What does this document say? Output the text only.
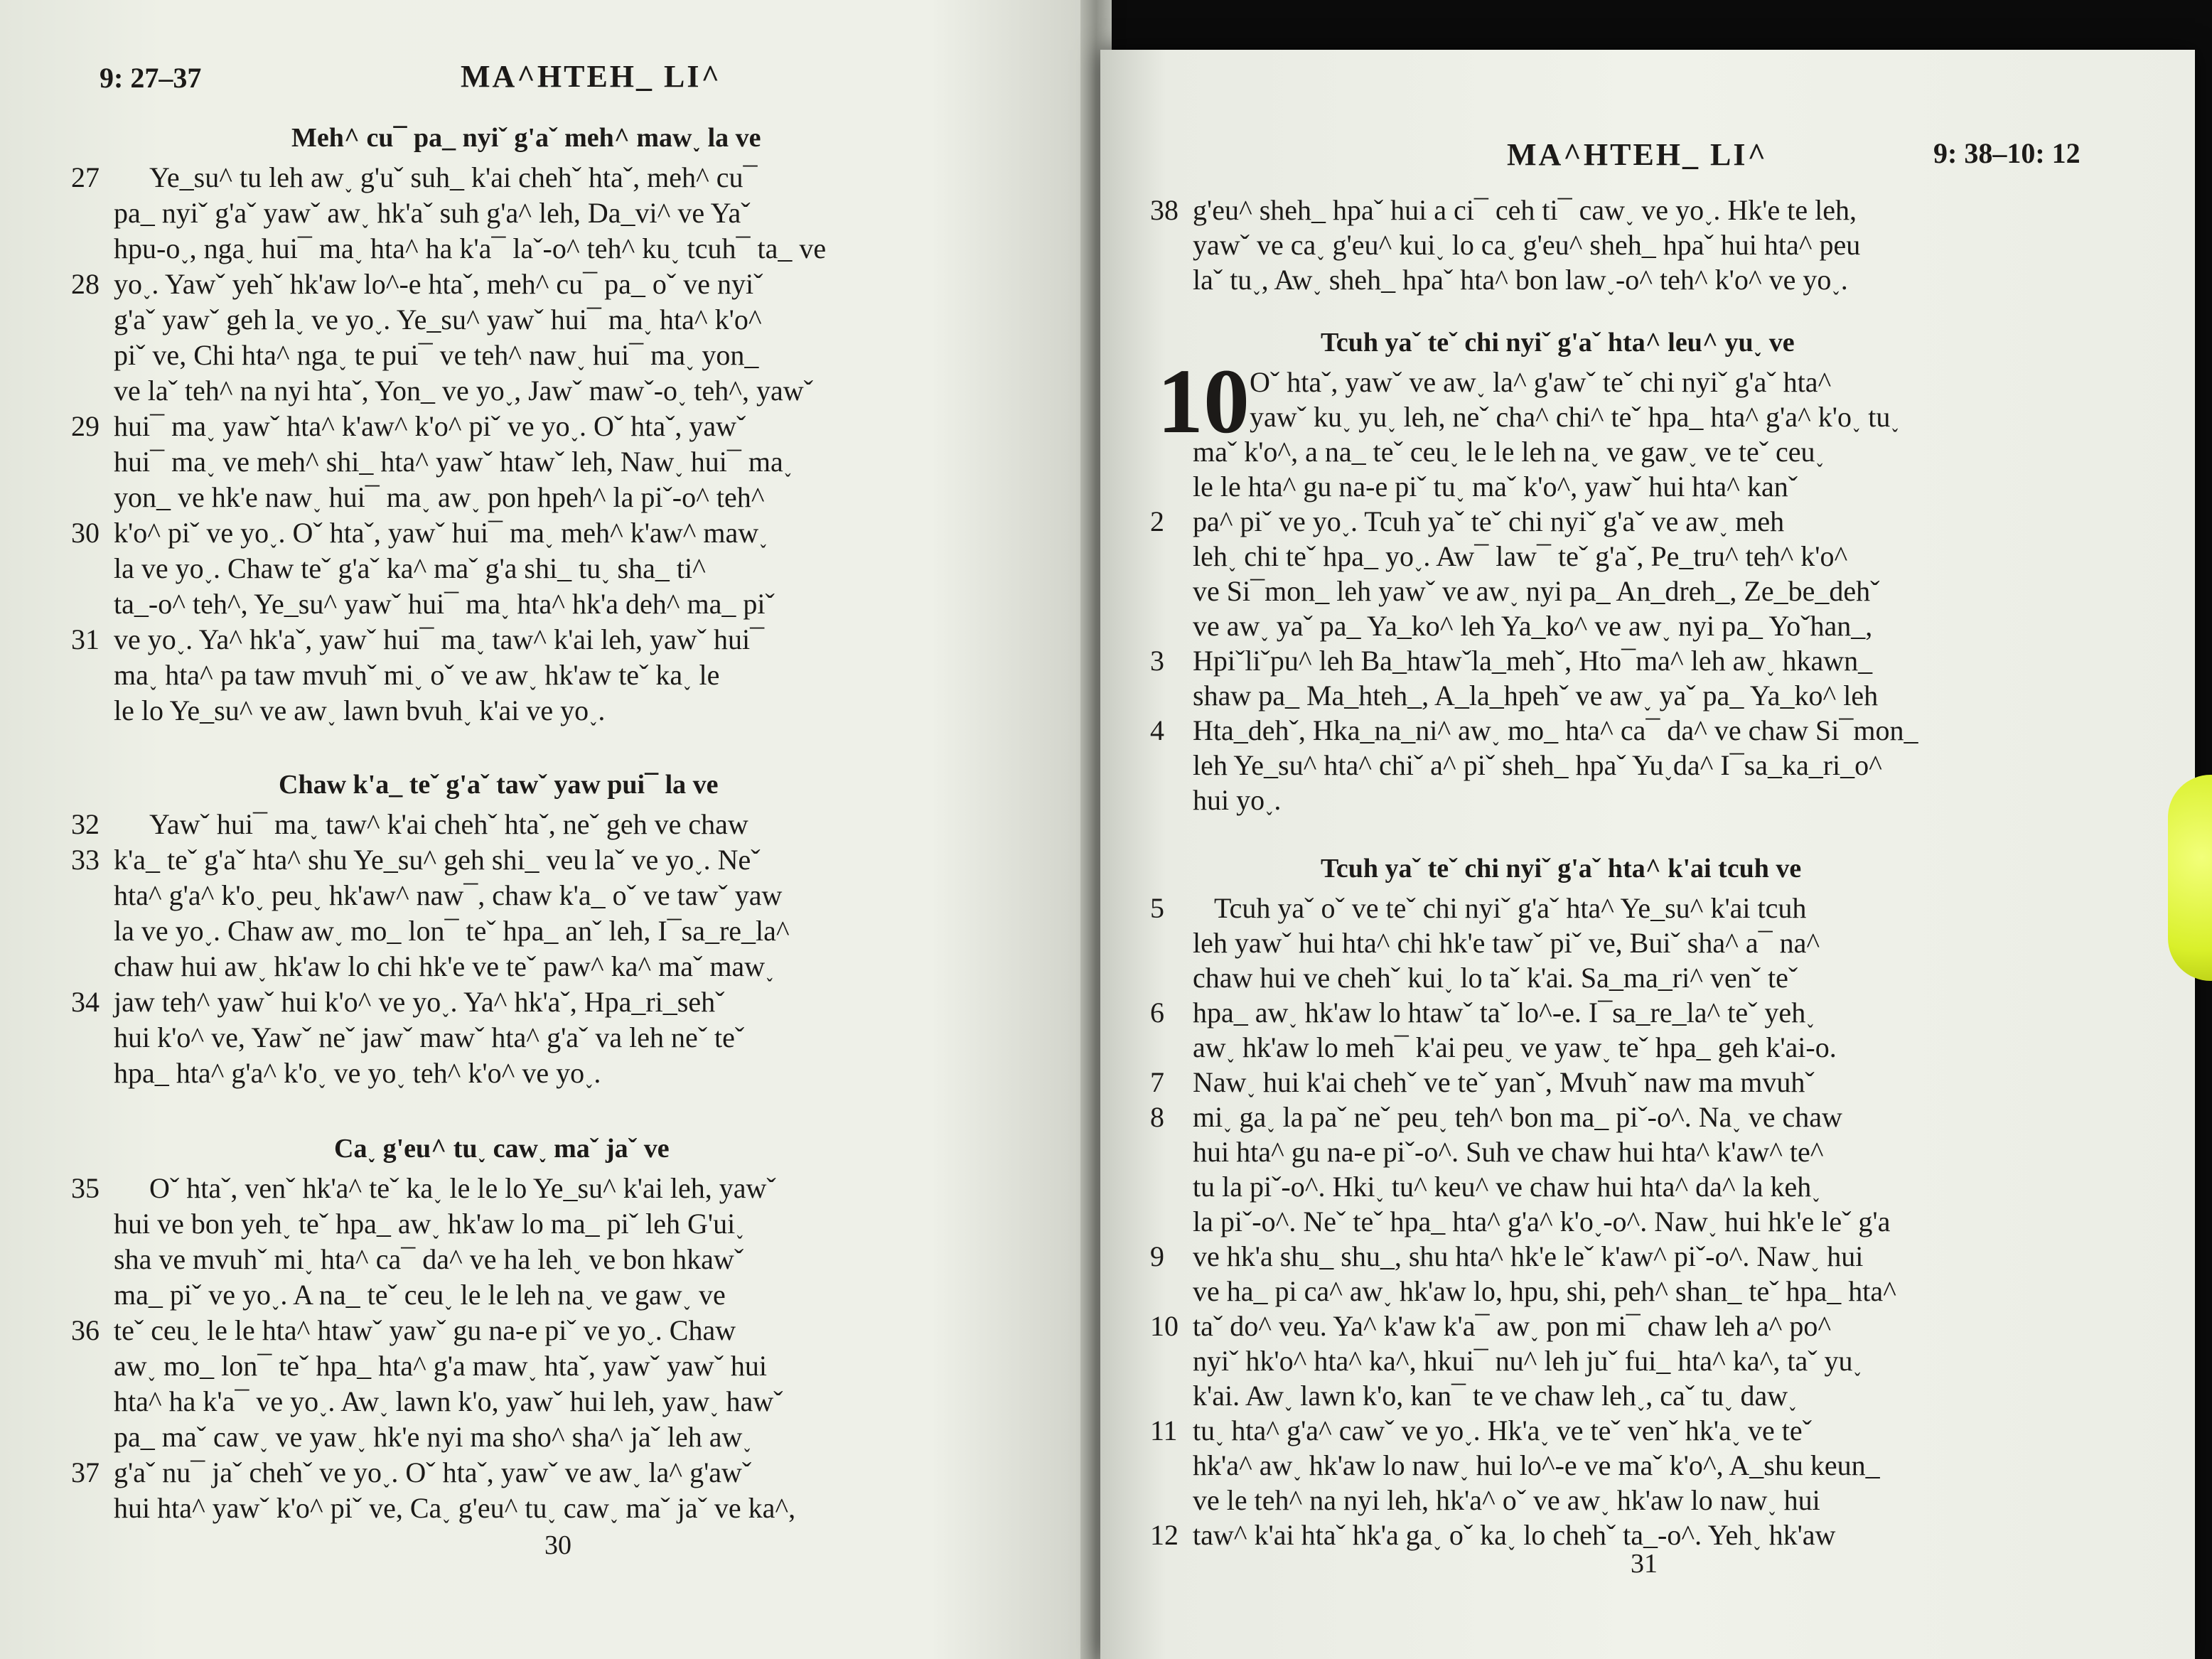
9: 27–37	MA^HTEH_ LI^
Meh^ cu¯ pa_ nyiˇ g'aˇ meh^ maw˯ la ve
27 Ye_su^ tu leh aw˯ g'uˇ suh_ k'ai chehˇ htaˇ, meh^ cu¯
pa_ nyiˇ g'aˇ yawˇ aw˯ hk'aˇ suh g'a^ leh, Da_vi^ ve Yaˇ
hpu-o˯, nga˯ hui¯ ma˯ hta^ ha k'a¯ laˇ-o^ teh^ ku˯ tcuh¯ ta_ ve
28 yo˯. Yawˇ yehˇ hk'aw lo^-e htaˇ, meh^ cu¯ pa_ oˇ ve nyiˇ
g'aˇ yawˇ geh la˯ ve yo˯. Ye_su^ yawˇ hui¯ ma˯ hta^ k'o^
piˇ ve, Chi hta^ nga˯ te pui¯ ve teh^ naw˯ hui¯ ma˯ yon_
ve laˇ teh^ na nyi htaˇ, Yon_ ve yo˯, Jawˇ mawˇ-o˯ teh^, yawˇ
29 hui¯ ma˯ yawˇ hta^ k'aw^ k'o^ piˇ ve yo˯. Oˇ htaˇ, yawˇ
hui¯ ma˯ ve meh^ shi_ hta^ yawˇ htawˇ leh, Naw˯ hui¯ ma˯
yon_ ve hk'e naw˯ hui¯ ma˯ aw˯ pon hpeh^ la piˇ-o^ teh^
30 k'o^ piˇ ve yo˯. Oˇ htaˇ, yawˇ hui¯ ma˯ meh^ k'aw^ maw˯
la ve yo˯. Chaw teˇ g'aˇ ka^ maˇ g'a shi_ tu˯ sha_ ti^
ta_-o^ teh^, Ye_su^ yawˇ hui¯ ma˯ hta^ hk'a deh^ ma_ piˇ
31 ve yo˯. Ya^ hk'aˇ, yawˇ hui¯ ma˯ taw^ k'ai leh, yawˇ hui¯
ma˯ hta^ pa taw mvuhˇ mi˯ oˇ ve aw˯ hk'aw teˇ ka˯ le
le lo Ye_su^ ve aw˯ lawn bvuh˯ k'ai ve yo˯.
Chaw k'a_ teˇ g'aˇ tawˇ yaw pui¯ la ve
32 Yawˇ hui¯ ma˯ taw^ k'ai chehˇ htaˇ, neˇ geh ve chaw
33 k'a_ teˇ g'aˇ hta^ shu Ye_su^ geh shi_ veu laˇ ve yo˯. Neˇ
hta^ g'a^ k'o˯ peu˯ hk'aw^ naw¯, chaw k'a_ oˇ ve tawˇ yaw
la ve yo˯. Chaw aw˯ mo_ lon¯ teˇ hpa_ anˇ leh, I¯sa_re_la^
chaw hui aw˯ hk'aw lo chi hk'e ve teˇ paw^ ka^ maˇ maw˯
34 jaw teh^ yawˇ hui k'o^ ve yo˯. Ya^ hk'aˇ, Hpa_ri_sehˇ
hui k'o^ ve, Yawˇ neˇ jawˇ mawˇ hta^ g'aˇ va leh neˇ teˇ
hpa_ hta^ g'a^ k'o˯ ve yo˯ teh^ k'o^ ve yo˯.
Ca˯ g'eu^ tu˯ caw˯ maˇ jaˇ ve
35 Oˇ htaˇ, venˇ hk'a^ teˇ ka˯ le le lo Ye_su^ k'ai leh, yawˇ
hui ve bon yeh˯ teˇ hpa_ aw˯ hk'aw lo ma_ piˇ leh G'ui˯
sha ve mvuhˇ mi˯ hta^ ca¯ da^ ve ha leh˯ ve bon hkawˇ
ma_ piˇ ve yo˯. A na_ teˇ ceu˯ le le leh na˯ ve gaw˯ ve
36 teˇ ceu˯ le le hta^ htawˇ yawˇ gu na-e piˇ ve yo˯. Chaw
aw˯ mo_ lon¯ teˇ hpa_ hta^ g'a maw˯ htaˇ, yawˇ yawˇ hui
hta^ ha k'a¯ ve yo˯. Aw˯ lawn k'o, yawˇ hui leh, yaw˯ hawˇ
pa_ maˇ caw˯ ve yaw˯ hk'e nyi ma sho^ sha^ jaˇ leh aw˯
37 g'aˇ nu¯ jaˇ chehˇ ve yo˯. Oˇ htaˇ, yawˇ ve aw˯ la^ g'awˇ
hui hta^ yawˇ k'o^ piˇ ve, Ca˯ g'eu^ tu˯ caw˯ maˇ jaˇ ve ka^,
30
MA^HTEH_ LI^	9: 38–10: 12
10
38 g'eu^ sheh_ hpaˇ hui a ci¯ ceh ti¯ caw˯ ve yo˯. Hk'e te leh,
yawˇ ve ca˯ g'eu^ kui˯ lo ca˯ g'eu^ sheh_ hpaˇ hui hta^ peu
laˇ tu˯, Aw˯ sheh_ hpaˇ hta^ bon law˯-o^ teh^ k'o^ ve yo˯.
Tcuh yaˇ teˇ chi nyiˇ g'aˇ hta^ leu^ yu˯ ve
Oˇ htaˇ, yawˇ ve aw˯ la^ g'awˇ teˇ chi nyiˇ g'aˇ hta^
yawˇ ku˯ yu˯ leh, neˇ cha^ chi^ teˇ hpa_ hta^ g'a^ k'o˯ tu˯
maˇ k'o^, a na_ teˇ ceu˯ le le leh na˯ ve gaw˯ ve teˇ ceu˯
le le hta^ gu na-e piˇ tu˯ maˇ k'o^, yawˇ hui hta^ kanˇ
2 pa^ piˇ ve yo˯. Tcuh yaˇ teˇ chi nyiˇ g'aˇ ve aw˯ meh
leh˯ chi teˇ hpa_ yo˯. Aw¯ law¯ teˇ g'aˇ, Pe_tru^ teh^ k'o^
ve Si¯mon_ leh yawˇ ve aw˯ nyi pa_ An_dreh_, Ze_be_dehˇ
ve aw˯ yaˇ pa_ Ya_ko^ leh Ya_ko^ ve aw˯ nyi pa_ Yoˇhan_,
3 Hpiˇliˇpu^ leh Ba_htawˇla_mehˇ, Hto¯ma^ leh aw˯ hkawn_
shaw pa_ Ma_hteh_, A_la_hpehˇ ve aw˯ yaˇ pa_ Ya_ko^ leh
4 Hta_dehˇ, Hka_na_ni^ aw˯ mo_ hta^ ca¯ da^ ve chaw Si¯mon_
leh Ye_su^ hta^ chiˇ a^ piˇ sheh_ hpaˇ Yu˯da^ I¯sa_ka_ri_o^
hui yo˯.
Tcuh yaˇ teˇ chi nyiˇ g'aˇ hta^ k'ai tcuh ve
5 Tcuh yaˇ oˇ ve teˇ chi nyiˇ g'aˇ hta^ Ye_su^ k'ai tcuh
leh yawˇ hui hta^ chi hk'e tawˇ piˇ ve, Buiˇ sha^ a¯ na^
chaw hui ve chehˇ kui˯ lo taˇ k'ai. Sa_ma_ri^ venˇ teˇ
6 hpa_ aw˯ hk'aw lo htawˇ taˇ lo^-e. I¯sa_re_la^ teˇ yeh˯
aw˯ hk'aw lo meh¯ k'ai peu˯ ve yaw˯ teˇ hpa_ geh k'ai-o.
7 Naw˯ hui k'ai chehˇ ve teˇ yanˇ, Mvuhˇ naw ma mvuhˇ
8 mi˯ ga˯ la paˇ neˇ peu˯ teh^ bon ma_ piˇ-o^. Na˯ ve chaw
hui hta^ gu na-e piˇ-o^. Suh ve chaw hui hta^ k'aw^ te^
tu la piˇ-o^. Hki˯ tu^ keu^ ve chaw hui hta^ da^ la keh˯
la piˇ-o^. Neˇ teˇ hpa_ hta^ g'a^ k'o˯-o^. Naw˯ hui hk'e leˇ g'a
9 ve hk'a shu_ shu_, shu hta^ hk'e leˇ k'aw^ piˇ-o^. Naw˯ hui
ve ha_ pi ca^ aw˯ hk'aw lo, hpu, shi, peh^ shan_ teˇ hpa_ hta^
10 taˇ do^ veu. Ya^ k'aw k'a¯ aw˯ pon mi¯ chaw leh a^ po^
nyiˇ hk'o^ hta^ ka^, hkui¯ nu^ leh juˇ fui_ hta^ ka^, taˇ yu˯
k'ai. Aw˯ lawn k'o, kan¯ te ve chaw leh˯, caˇ tu˯ daw˯
11 tu˯ hta^ g'a^ cawˇ ve yo˯. Hk'a˯ ve teˇ venˇ hk'a˯ ve teˇ
hk'a^ aw˯ hk'aw lo naw˯ hui lo^-e ve maˇ k'o^, A_shu keun_
ve le teh^ na nyi leh, hk'a^ oˇ ve aw˯ hk'aw lo naw˯ hui
12 taw^ k'ai htaˇ hk'a ga˯ oˇ ka˯ lo chehˇ ta_-o^. Yeh˯ hk'aw
31
